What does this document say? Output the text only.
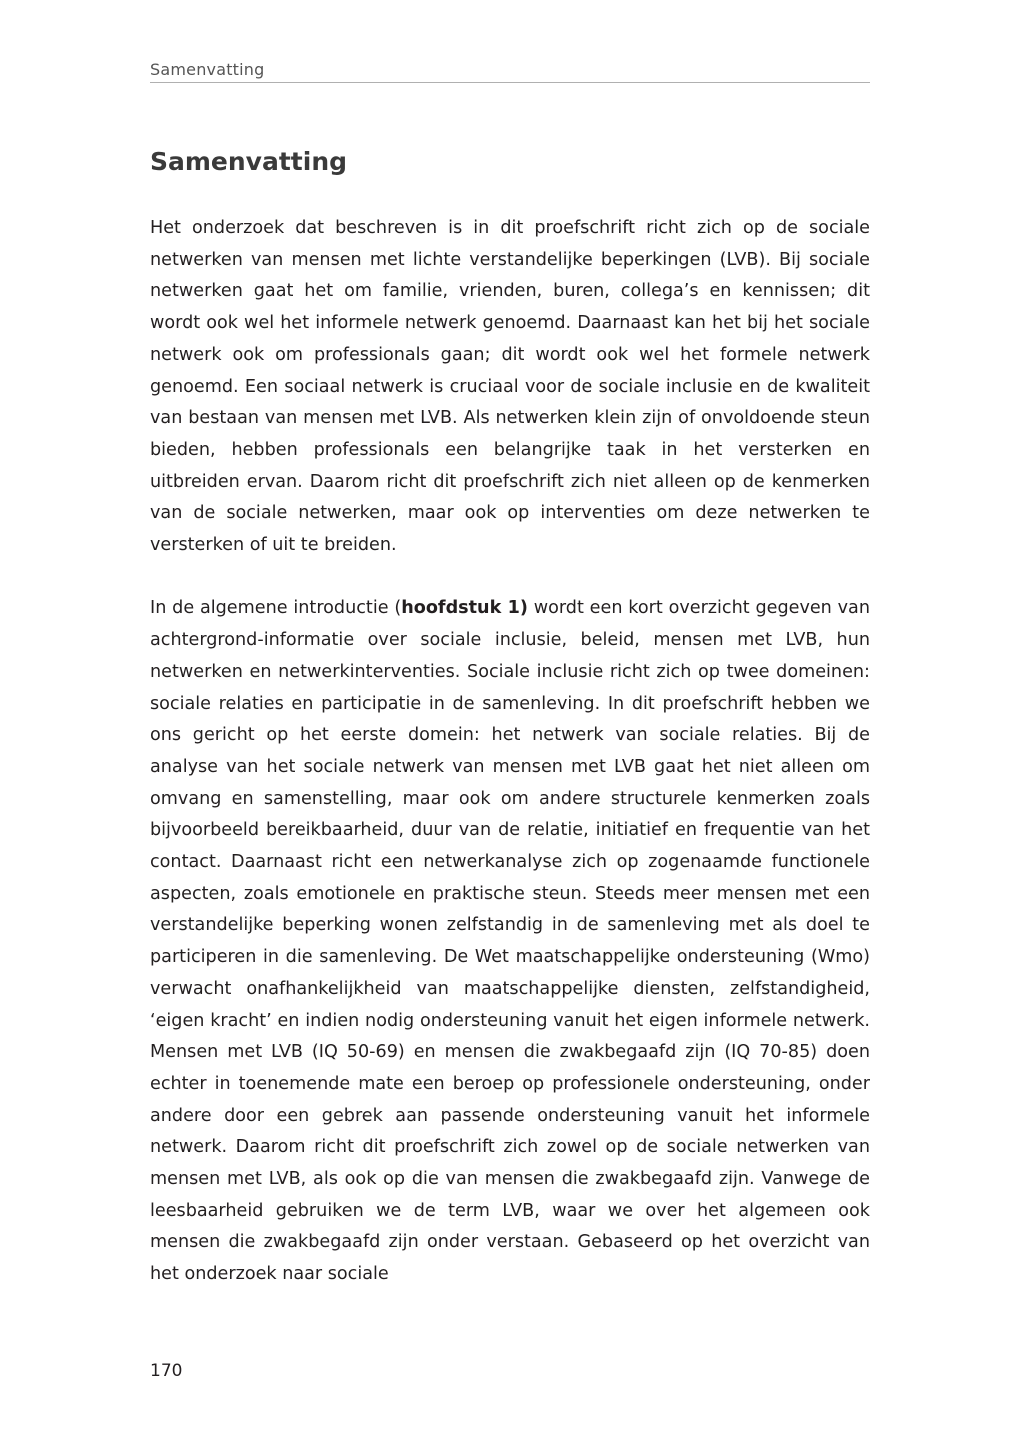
Samenvatting
Samenvatting

Het onderzoek dat beschreven is in dit proefschrift richt zich op de sociale netwerken van mensen met lichte verstandelijke beperkingen (LVB). Bij sociale netwerken gaat het om familie, vrienden, buren, collega’s en kennissen; dit wordt ook wel het informele netwerk genoemd. Daarnaast kan het bij het sociale netwerk ook om professionals gaan; dit wordt ook wel het formele netwerk genoemd. Een sociaal netwerk is cruciaal voor de sociale inclusie en de kwaliteit van bestaan van mensen met LVB. Als netwerken klein zijn of onvoldoende steun bieden, hebben professionals een belangrijke taak in het versterken en uitbreiden ervan. Daarom richt dit proefschrift zich niet alleen op de kenmerken van de sociale netwerken, maar ook op interventies om deze netwerken te versterken of uit te breiden.

In de algemene introductie (hoofdstuk 1) wordt een kort overzicht gegeven van achtergrond-informatie over sociale inclusie, beleid, mensen met LVB, hun netwerken en netwerkinterventies. Sociale inclusie richt zich op twee domeinen: sociale relaties en participatie in de samenleving. In dit proefschrift hebben we ons gericht op het eerste domein: het netwerk van sociale relaties. Bij de analyse van het sociale netwerk van mensen met LVB gaat het niet alleen om omvang en samenstelling, maar ook om andere structurele kenmerken zoals bijvoorbeeld bereikbaarheid, duur van de relatie, initiatief en frequentie van het contact. Daarnaast richt een netwerkanalyse zich op zogenaamde functionele aspecten, zoals emotionele en praktische steun. Steeds meer mensen met een verstandelijke beperking wonen zelfstandig in de samenleving met als doel te participeren in die samenleving. De Wet maatschappelijke ondersteuning (Wmo) verwacht onafhankelijkheid van maatschappelijke diensten, zelfstandigheid, ‘eigen kracht’ en indien nodig ondersteuning vanuit het eigen informele netwerk. Mensen met LVB (IQ 50-69) en mensen die zwakbegaafd zijn (IQ 70-85) doen echter in toenemende mate een beroep op professionele ondersteuning, onder andere door een gebrek aan passende ondersteuning vanuit het informele netwerk. Daarom richt dit proefschrift zich zowel op de sociale netwerken van mensen met LVB, als ook op die van mensen die zwakbegaafd zijn. Vanwege de leesbaarheid gebruiken we de term LVB, waar we over het algemeen ook mensen die zwakbegaafd zijn onder verstaan. Gebaseerd op het overzicht van het onderzoek naar sociale

170
